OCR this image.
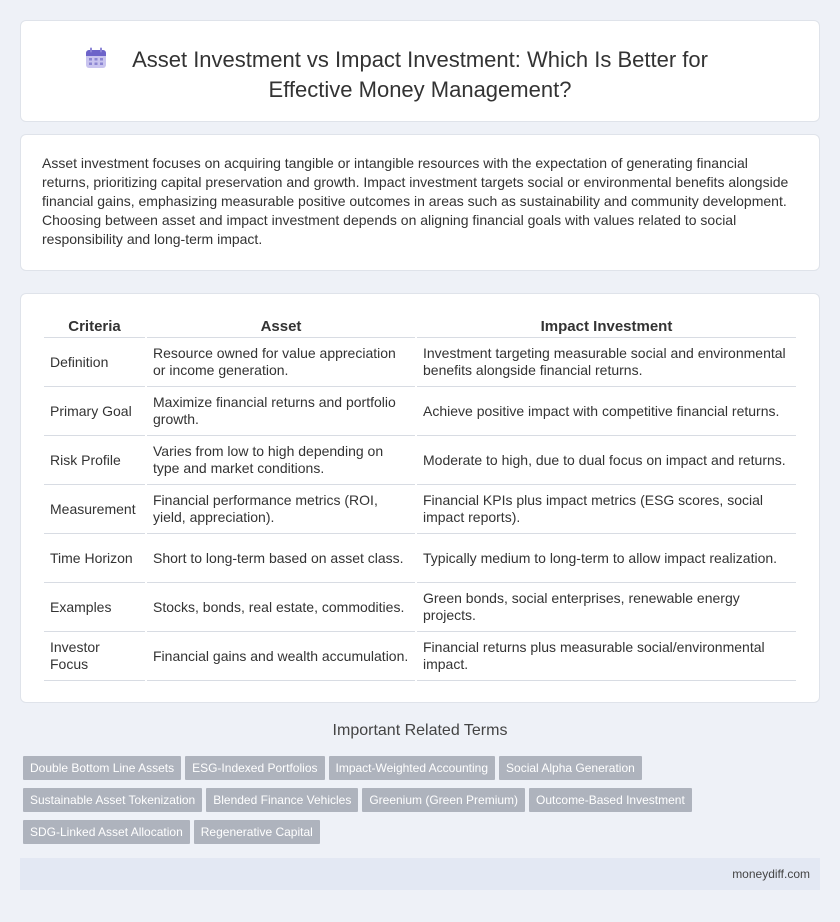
Asset Investment vs Impact Investment: Which Is Better for
Effective Money Management?

Asset investment focuses on acquiring tangible or intangible resources with the expectation of generating financial returns, prioritizing capital preservation and growth. Impact investment targets social or environmental benefits alongside financial gains, emphasizing measurable positive outcomes in areas such as sustainability and community development. Choosing between asset and impact investment depends on aligning financial goals with values related to social responsibility and long-term impact.

Criteria	Asset	Impact Investment
Definition	Resource owned for value appreciation or income generation.	Investment targeting measurable social and environmental benefits alongside financial returns.
Primary Goal	Maximize financial returns and portfolio growth.	Achieve positive impact with competitive financial returns.
Risk Profile	Varies from low to high depending on type and market conditions.	Moderate to high, due to dual focus on impact and returns.
Measurement	Financial performance metrics (ROI, yield, appreciation).	Financial KPIs plus impact metrics (ESG scores, social impact reports).
Time Horizon	Short to long-term based on asset class.	Typically medium to long-term to allow impact realization.
Examples	Stocks, bonds, real estate, commodities.	Green bonds, social enterprises, renewable energy projects.
Investor Focus	Financial gains and wealth accumulation.	Financial returns plus measurable social/environmental impact.
Important Related Terms
Double Bottom Line Assets ESG-Indexed Portfolios Impact-Weighted Accounting Social Alpha Generation
Sustainable Asset Tokenization Blended Finance Vehicles Greenium (Green Premium) Outcome-Based Investment
SDG-Linked Asset Allocation Regenerative Capital
moneydiff.com
